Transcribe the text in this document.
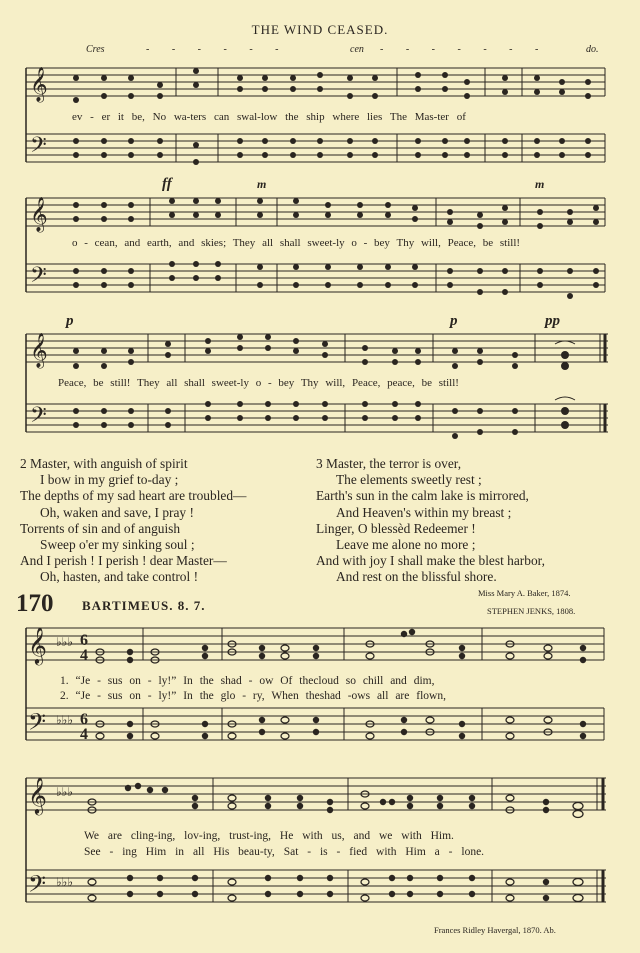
THE WIND CEASED.
Cres	- - - - - -	cen - - - - - - -	do.
𝄞
𝄢
ev - er it be, No wa-ters can swal-low the ship where lies The Mas-ter of
ff	m	m
𝄞
𝄢
o - cean, and earth, and skies; They all shall sweet-ly o - bey Thy will, Peace, be still!
p	p	pp
𝄞
𝄢
Peace, be still! They all shall sweet-ly o - bey Thy will, Peace, peace, be still!
2 Master, with anguish of spirit
I bow in my grief to-day ;
The depths of my sad heart are troubled—
Oh, waken and save, I pray !
Torrents of sin and of anguish
Sweep o'er my sinking soul ;
And I perish ! I perish ! dear Master—
Oh, hasten, and take control !
3 Master, the terror is over,
The elements sweetly rest ;
Earth's sun in the calm lake is mirrored,
And Heaven's within my breast ;
Linger, O blessèd Redeemer !
Leave me alone no more ;
And with joy I shall make the blest harbor,
And rest on the blissful shore.
Miss Mary A. Baker, 1874.
170 BARTIMEUS. 8. 7.	STEPHEN JENKS, 1808.
𝄞
𝄢
♭♭♭
♭♭♭
6
4
6
4
1. “Je - sus on - ly!” In the shad - ow Of thecloud so chill and dim,
2. “Je - sus on - ly!” In the glo - ry, When theshad -ows all are flown,
𝄞
𝄢
♭♭♭
♭♭♭
We are cling-ing, lov-ing, trust-ing, He with us, and we with Him.
See - ing Him in all His beau-ty, Sat - is - fied with Him a - lone.
Frances Ridley Havergal, 1870. Ab.
